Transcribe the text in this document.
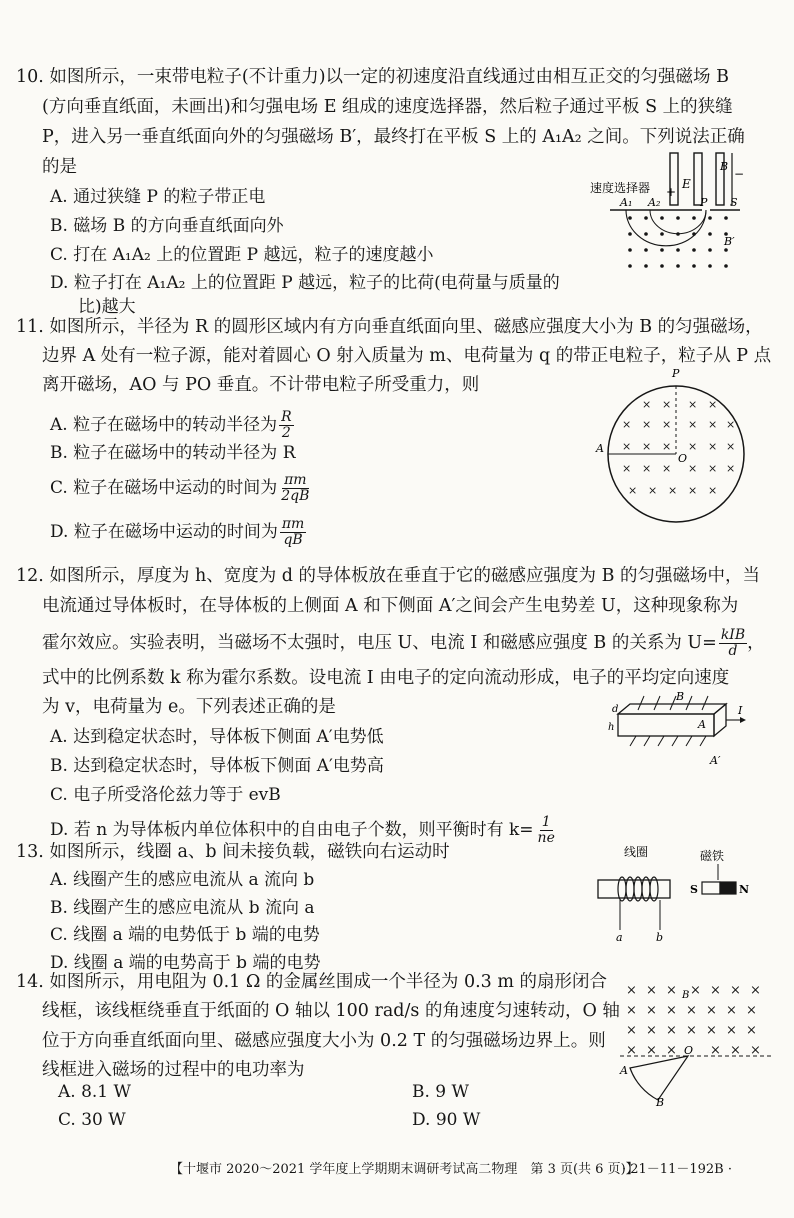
10. 如图所示，一束带电粒子(不计重力)以一定的初速度沿直线通过由相互正交的匀强磁场 B
(方向垂直纸面，未画出)和匀强电场 E 组成的速度选择器，然后粒子通过平板 S 上的狭缝
P，进入另一垂直纸面向外的匀强磁场 B′，最终打在平板 S 上的 A₁A₂ 之间。下列说法正确
的是
A. 通过狭缝 P 的粒子带正电
B. 磁场 B 的方向垂直纸面向外
C. 打在 A₁A₂ 上的位置距 P 越远，粒子的速度越小
D. 粒子打在 A₁A₂ 上的位置距 P 越远，粒子的比荷(电荷量与质量的
比)越大
速度选择器	E
B
−
+
A₁ A₂	P S
B′
11. 如图所示，半径为 R 的圆形区域内有方向垂直纸面向里、磁感应强度大小为 B 的匀强磁场，
边界 A 处有一粒子源，能对着圆心 O 射入质量为 m、电荷量为 q 的带正电粒子，粒子从 P 点
离开磁场，AO 与 PO 垂直。不计带电粒子所受重力，则
A. 粒子在磁场中的转动半径为 $\frac{R}{2}$
B. 粒子在磁场中的转动半径为 R
C. 粒子在磁场中运动的时间为 $\frac{\pi m}{2qB}$
D. 粒子在磁场中运动的时间为 $\frac{\pi m}{qB}$
P
A
O
× × × ×
× × × × × ×
× × × × × ×
× × × × × ×
× × × × ×
12. 如图所示，厚度为 h、宽度为 d 的导体板放在垂直于它的磁感应强度为 B 的匀强磁场中，当
电流通过导体板时，在导体板的上侧面 A 和下侧面 A′之间会产生电势差 U，这种现象称为
霍尔效应。实验表明，当磁场不太强时，电压 U、电流 I 和磁感应强度 B 的关系为 $U= \frac{\text{kIB}}{d}$ ，
式中的比例系数 k 称为霍尔系数。设电流 I 由电子的定向流动形成，电子的平均定向速度
为 v，电荷量为 e。下列表述正确的是
A. 达到稳定状态时，导体板下侧面 A′电势低
B. 达到稳定状态时，导体板下侧面 A′电势高
C. 电子所受洛伦兹力等于 evB
D. 若 n 为导体板内单位体积中的自由电子个数，则平衡时有 $k= \frac{1}{ne}$
B
A
A′
I
d
h
13. 如图所示，线圈 a、b 间未接负载，磁铁向右运动时
A. 线圈产生的感应电流从 a 流向 b
B. 线圈产生的感应电流从 b 流向 a
C. 线圈 a 端的电势低于 b 端的电势
D. 线圈 a 端的电势高于 b 端的电势
线圈	磁铁
a	b
S	N
14. 如图所示，用电阻为 0.1 Ω 的金属丝围成一个半径为 0.3 m 的扇形闭合
线框，该线框绕垂直于纸面的 O 轴以 100 rad/s 的角速度匀速转动，O 轴
位于方向垂直纸面向里、磁感应强度大小为 0.2 T 的匀强磁场边界上。则
线框进入磁场的过程中的电功率为
A. 8.1 W	B. 9 W
C. 30 W	D. 90 W
× × × × × × ×
× × × × × × ×
× × × × × × ×
× × ×	× × ×
B
O
A
B
【十堰市 2020～2021 学年度上学期期末调研考试高二物理　第 3 页(共 6 页)】
· 21－11－192B ·
